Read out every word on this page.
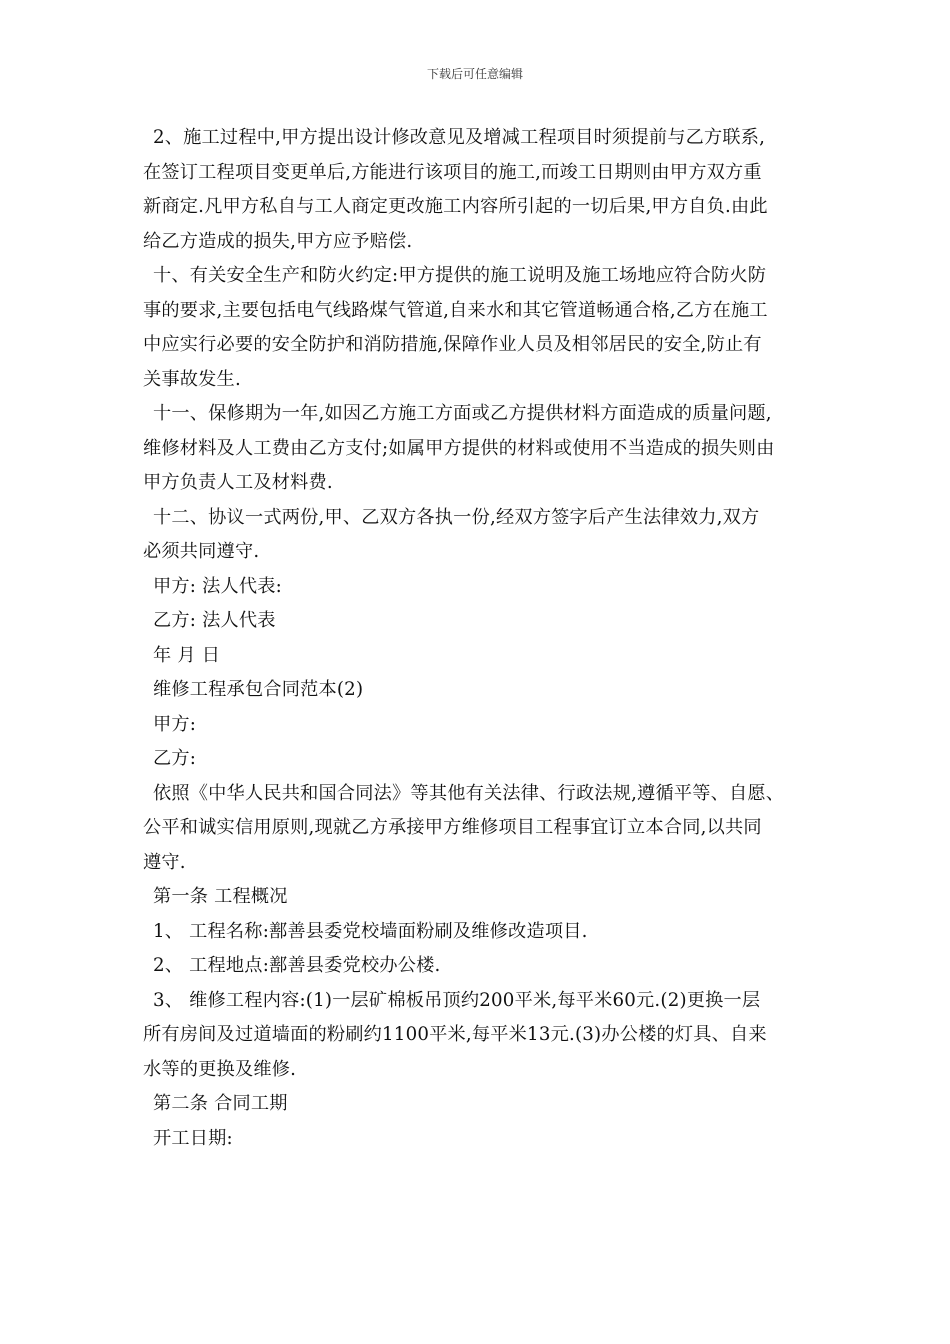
下载后可任意编辑

2、施工过程中,甲方提出设计修改意见及增减工程项目时须提前与乙方联系,

在签订工程项目变更单后,方能进行该项目的施工,而竣工日期则由甲方双方重

新商定.凡甲方私自与工人商定更改施工内容所引起的一切后果,甲方自负.由此

给乙方造成的损失,甲方应予赔偿.

十、有关安全生产和防火约定:甲方提供的施工说明及施工场地应符合防火防

事的要求,主要包括电气线路煤气管道,自来水和其它管道畅通合格,乙方在施工

中应实行必要的安全防护和消防措施,保障作业人员及相邻居民的安全,防止有

关事故发生.

十一、保修期为一年,如因乙方施工方面或乙方提供材料方面造成的质量问题,

维修材料及人工费由乙方支付;如属甲方提供的材料或使用不当造成的损失则由

甲方负责人工及材料费.

十二、协议一式两份,甲、乙双方各执一份,经双方签字后产生法律效力,双方

必须共同遵守.

甲方: 法人代表:

乙方: 法人代表

年 月 日

维修工程承包合同范本(2)

甲方:

乙方:

依照《中华人民共和国合同法》等其他有关法律、行政法规,遵循平等、自愿、

公平和诚实信用原则,现就乙方承接甲方维修项目工程事宜订立本合同,以共同

遵守.

第一条 工程概况

1、 工程名称:鄯善县委党校墙面粉刷及维修改造项目.

2、 工程地点:鄯善县委党校办公楼.

3、 维修工程内容:(1)一层矿棉板吊顶约200平米,每平米60元.(2)更换一层

所有房间及过道墙面的粉刷约1100平米,每平米13元.(3)办公楼的灯具、自来

水等的更换及维修.

第二条 合同工期

开工日期:
